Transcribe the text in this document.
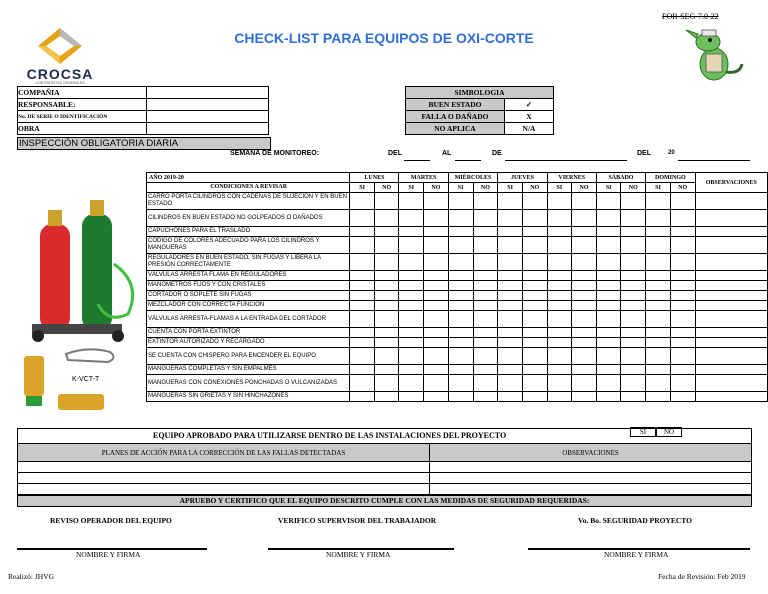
FOR-SEG-7.0-22
CROCSA
CONTRATISTAS GENERALES
CHECK-LIST PARA EQUIPOS DE OXI-CORTE
COMPAÑIA	
RESPONSABLE:	
No. DE SERIE O IDENTIFICACIÓN	
OBRA	
SIMBOLOGIA	
BUEN ESTADO	✓
FALLA O DAÑADO	X
NO APLICA	N/A
INSPECCIÓN OBLIGATORIA DIARIA
SEMANA DE MONITOREO:	DEL	AL	DE	DEL	20
K-VCT-T
AÑO 2019-20	LUNES		MARTES		MIÉRCOLES		JUEVES		VIERNES		SÁBADO		DOMINGO		OBSERVACIONES
CONDICIONES A REVISAR	SI	NO	SI	NO	SI	NO	SI	NO	SI	NO	SI	NO	SI	NO	
CARRO PORTA CILINDROS CON CADENAS DE SUJECIÓN Y EN BUEN ESTADO															
CILINDROS EN BUEN ESTADO NO GOLPEADOS O DAÑADOS															
CAPUCHONES PARA EL TRASLADO															
CÓDIGO DE COLORES ADECUADO PARA LOS CILINDROS Y MANGUERAS															
REGULADORES EN BUEN ESTADO, SIN FUGAS Y LIBERA LA PRESIÓN CORRECTAMENTE															
VÁLVULAS ARRESTA FLAMA EN REGULADORES															
MANÓMETROS FIJOS Y CON CRISTALES															
CORTADOR O SOPLETE SIN FUGAS															
MEZCLADOR CON CORRECTA FUNCIÓN															
VÁLVULAS ARRESTA-FLAMAS A LA ENTRADA DEL CORTADOR															
CUENTA CON PORTA EXTINTOR															
EXTINTOR AUTORIZADO Y RECARGADO															
SE CUENTA CON CHISPERO PARA ENCENDER EL EQUIPO															
MANGUERAS COMPLETAS Y SIN EMPALMES															
MANGUERAS CON CONEXIONES PONCHADAS O VULCANIZADAS															
MANGUERAS SIN GRIETAS Y SIN HINCHAZONES															
EQUIPO APROBADO PARA UTILIZARSE DENTRO DE LAS INSTALACIONES DEL PROYECTO	SI	NO
PLANES DE ACCIÓN PARA LA CORRECCIÓN DE LAS FALLAS DETECTADAS	OBSERVACIONES

APRUEBO Y CERTIFICO QUE EL EQUIPO DESCRITO CUMPLE CON LAS MEDIDAS DE SEGURIDAD REQUERIDAS:
REVISO OPERADOR DEL EQUIPO	VERIFICO SUPERVISOR DEL TRABAJADOR	Vo. Bo. SEGURIDAD PROYECTO
NOMBRE Y FIRMA	NOMBRE Y FIRMA	NOMBRE Y FIRMA
Realizó: JHVG	Fecha de Revisión: Feb 2019
